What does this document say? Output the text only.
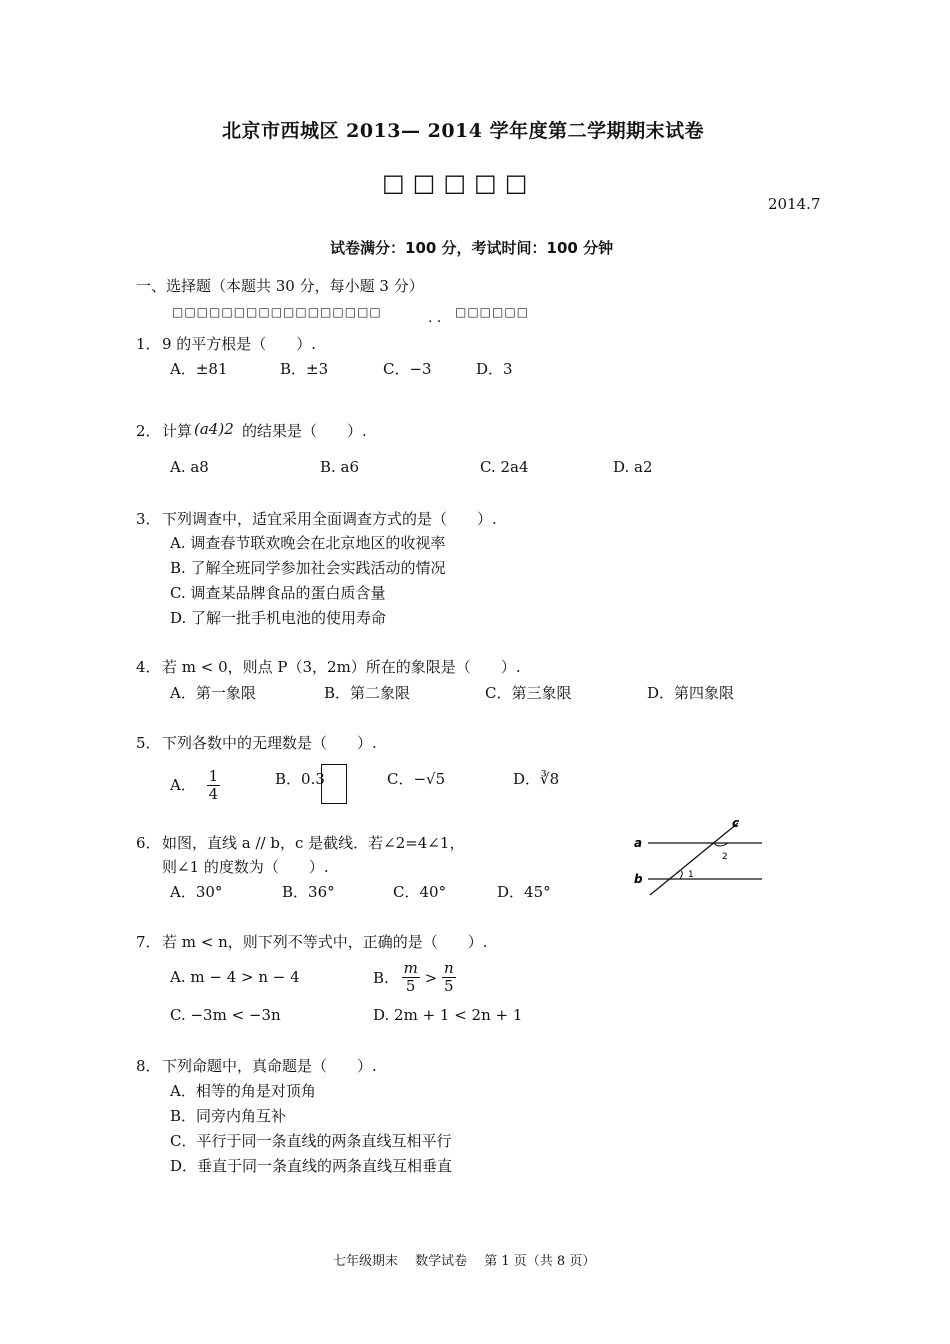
北京市西城区 2013— 2014 学年度第二学期期末试卷
□□□□□
2014.7
试卷满分：100 分，考试时间：100 分钟
一、选择题（本题共 30 分，每小题 3 分）
□□□□□□□□□□□□□□□□□	. . □□□□□□
1． 9 的平方根是（　　）.
A．±81	B．±3	C．−3	D．3
2． 计算 (a4)2 的结果是（　　）.
A. a8	B. a6	C. 2a4	D. a2
3． 下列调查中，适宜采用全面调查方式的是（　　）.
A. 调查春节联欢晚会在北京地区的收视率
B. 了解全班同学参加社会实践活动的情况
C. 调查某品牌食品的蛋白质含量
D. 了解一批手机电池的使用寿命
4． 若 m < 0，则点 P（3，2m）所在的象限是（　　）.
A．第一象限	B．第二象限	C．第三象限	D．第四象限
5． 下列各数中的无理数是（　　）.
A． $\frac{1}{4}$	B．0.3	C．−√5	D．∛8
6． 如图，直线 a // b，c 是截线．若∠2=4∠1，
则∠1 的度数为（　　）.
A．30°	B．36°	C．40°	D．45°
a
b
c
1
2
7． 若 m < n，则下列不等式中，正确的是（　　）.
A. m − 4 > n − 4	B. $\frac{m}{5} > \frac{n}{5}$
C. −3m < −3n	D. 2m + 1 < 2n + 1
8． 下列命题中，真命题是（　　）.
A．相等的角是对顶角
B．同旁内角互补
C．平行于同一条直线的两条直线互相平行
D．垂直于同一条直线的两条直线互相垂直
七年级期末　 数学试卷　 第 1 页（共 8 页）
